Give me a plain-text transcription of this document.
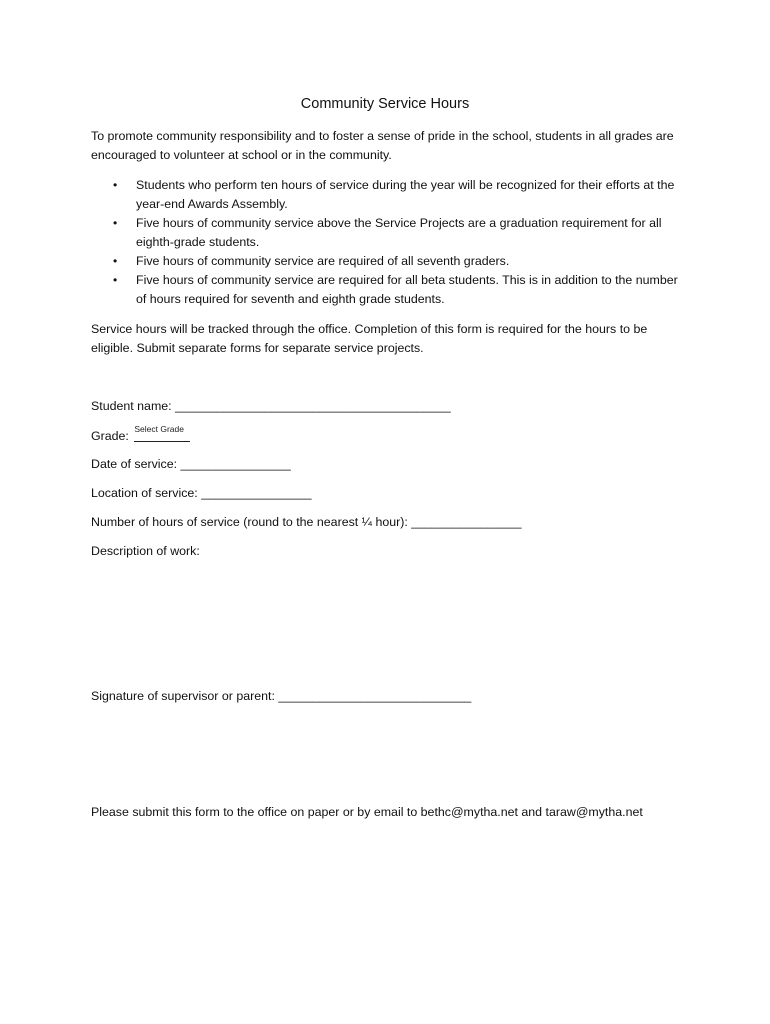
Community Service Hours

To promote community responsibility and to foster a sense of pride in the school, students in all grades are encouraged to volunteer at school or in the community.

• Students who perform ten hours of service during the year will be recognized for their efforts at the year-end Awards Assembly.
• Five hours of community service above the Service Projects are a graduation requirement for all eighth-grade students.
• Five hours of community service are required of all seventh graders.
• Five hours of community service are required for all beta students. This is in addition to the number of hours required for seventh and eighth grade students.

Service hours will be tracked through the office. Completion of this form is required for the hours to be eligible. Submit separate forms for separate service projects.

Student name: ________________________________________
Grade: Select Grade
Date of service: ________________
Location of service: ________________
Number of hours of service (round to the nearest ¼ hour): ________________
Description of work:
Signature of supervisor or parent: ____________________________
Please submit this form to the office on paper or by email to bethc@mytha.net and taraw@mytha.net
